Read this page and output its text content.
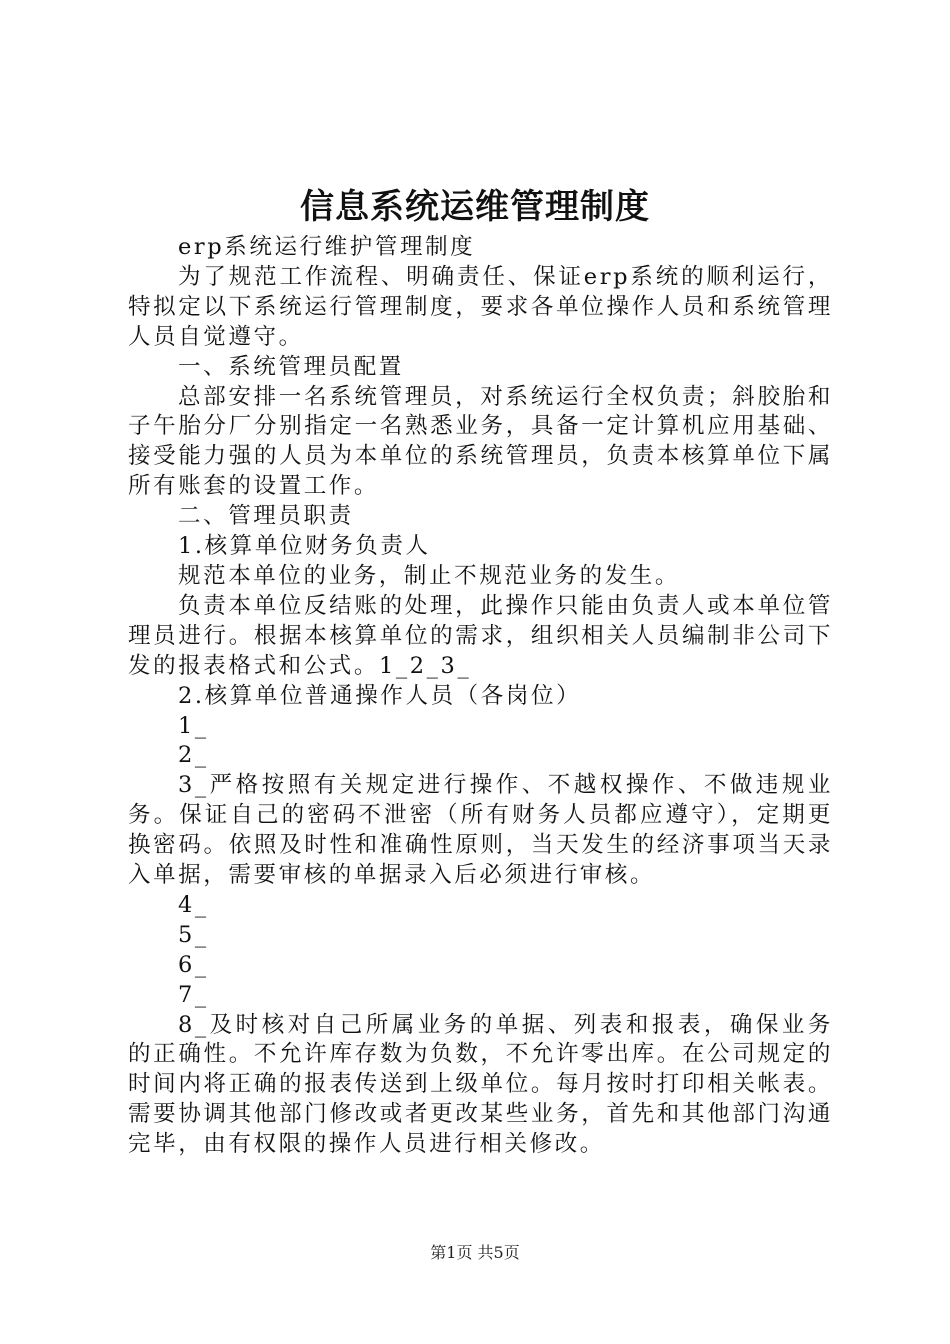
信息系统运维管理制度

erp系统运行维护管理制度

为了规范工作流程、明确责任、保证erp系统的顺利运行，特拟定以下系统运行管理制度，要求各单位操作人员和系统管理人员自觉遵守。

一、系统管理员配置

总部安排一名系统管理员，对系统运行全权负责；斜胶胎和子午胎分厂分别指定一名熟悉业务，具备一定计算机应用基础、接受能力强的人员为本单位的系统管理员，负责本核算单位下属所有账套的设置工作。

二、管理员职责

1.核算单位财务负责人

规范本单位的业务，制止不规范业务的发生。

负责本单位反结账的处理，此操作只能由负责人或本单位管理员进行。根据本核算单位的需求，组织相关人员编制非公司下发的报表格式和公式。1_2_3_

2.核算单位普通操作人员（各岗位）

1_

2_

3_严格按照有关规定进行操作、不越权操作、不做违规业务。保证自己的密码不泄密（所有财务人员都应遵守），定期更换密码。依照及时性和准确性原则，当天发生的经济事项当天录入单据，需要审核的单据录入后必须进行审核。

4_

5_

6_

7_

8_及时核对自己所属业务的单据、列表和报表，确保业务的正确性。不允许库存数为负数，不允许零出库。在公司规定的时间内将正确的报表传送到上级单位。每月按时打印相关帐表。需要协调其他部门修改或者更改某些业务，首先和其他部门沟通完毕，由有权限的操作人员进行相关修改。

第1页 共5页
